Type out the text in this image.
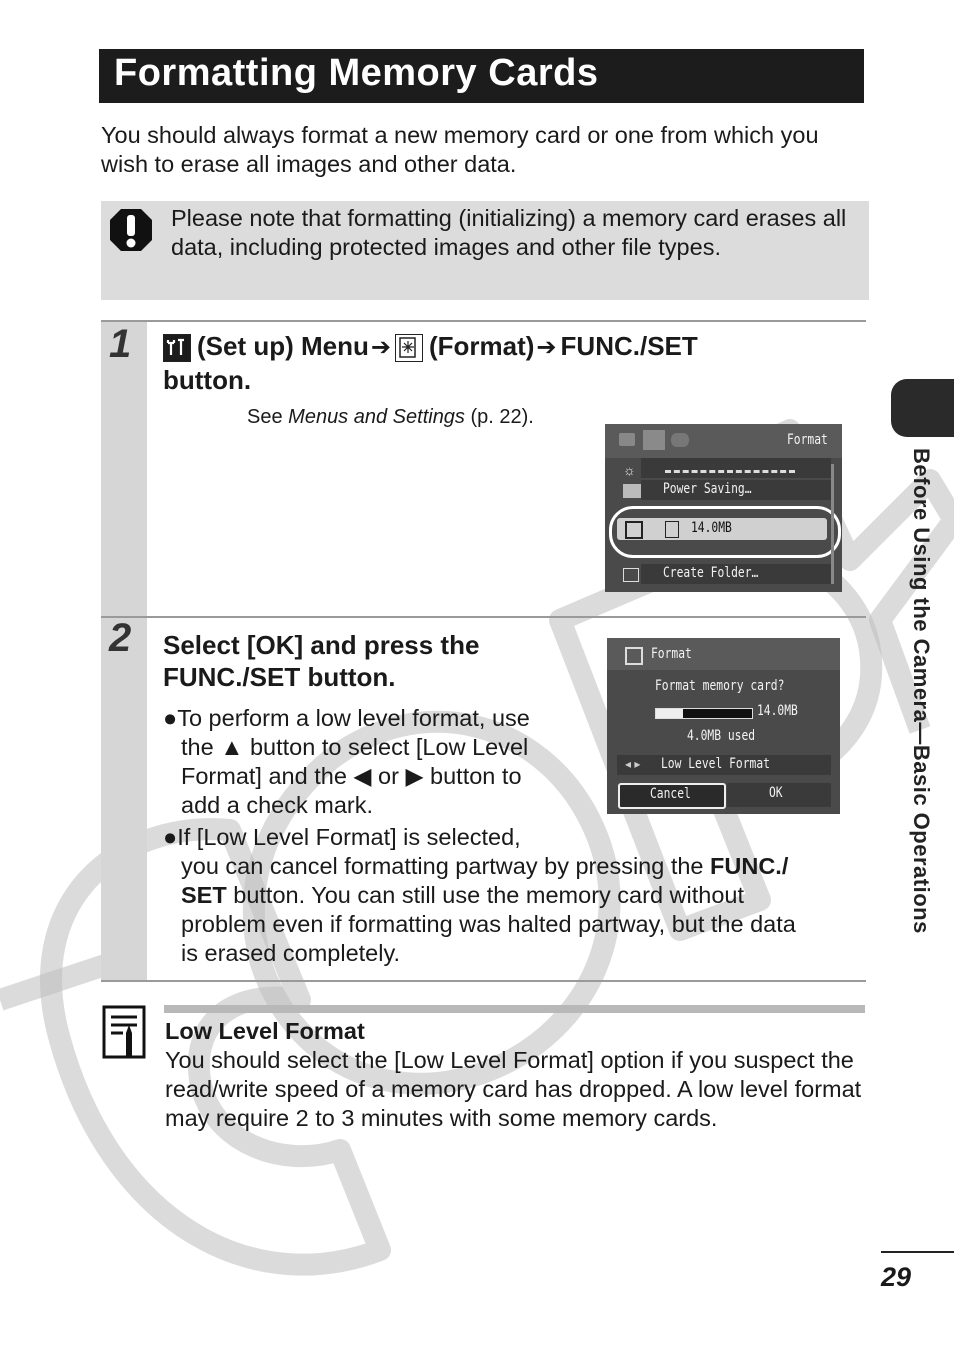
Formatting Memory Cards
You should always format a new memory card or one from which you wish to erase all images and other data.
Please note that formatting (initializing) a memory card erases all data, including protected images and other file types.
1
2
(Set up) Menu➔ (Format)➔ FUNC./SET
button.
See Menus and Settings (p. 22).
Format
☼
Power Saving…
14.0MB
Create Folder…
Select [OK] and press the
FUNC./SET button.
●To perform a low level format, use
the ▲ button to select [Low Level
Format] and the ◀ or ▶ button to
add a check mark.
●If [Low Level Format] is selected,
you can cancel formatting partway by pressing the FUNC./
SET button. You can still use the memory card without
problem even if formatting was halted partway, but the data
is erased completely.
Format
Format memory card?
14.0MB
4.0MB used
◂ ▸ Low Level Format
Cancel	OK
Low Level Format
You should select the [Low Level Format] option if you suspect the read/write speed of a memory card has dropped. A low level format may require 2 to 3 minutes with some memory cards.
Before Using the Camera—Basic Operations
29
